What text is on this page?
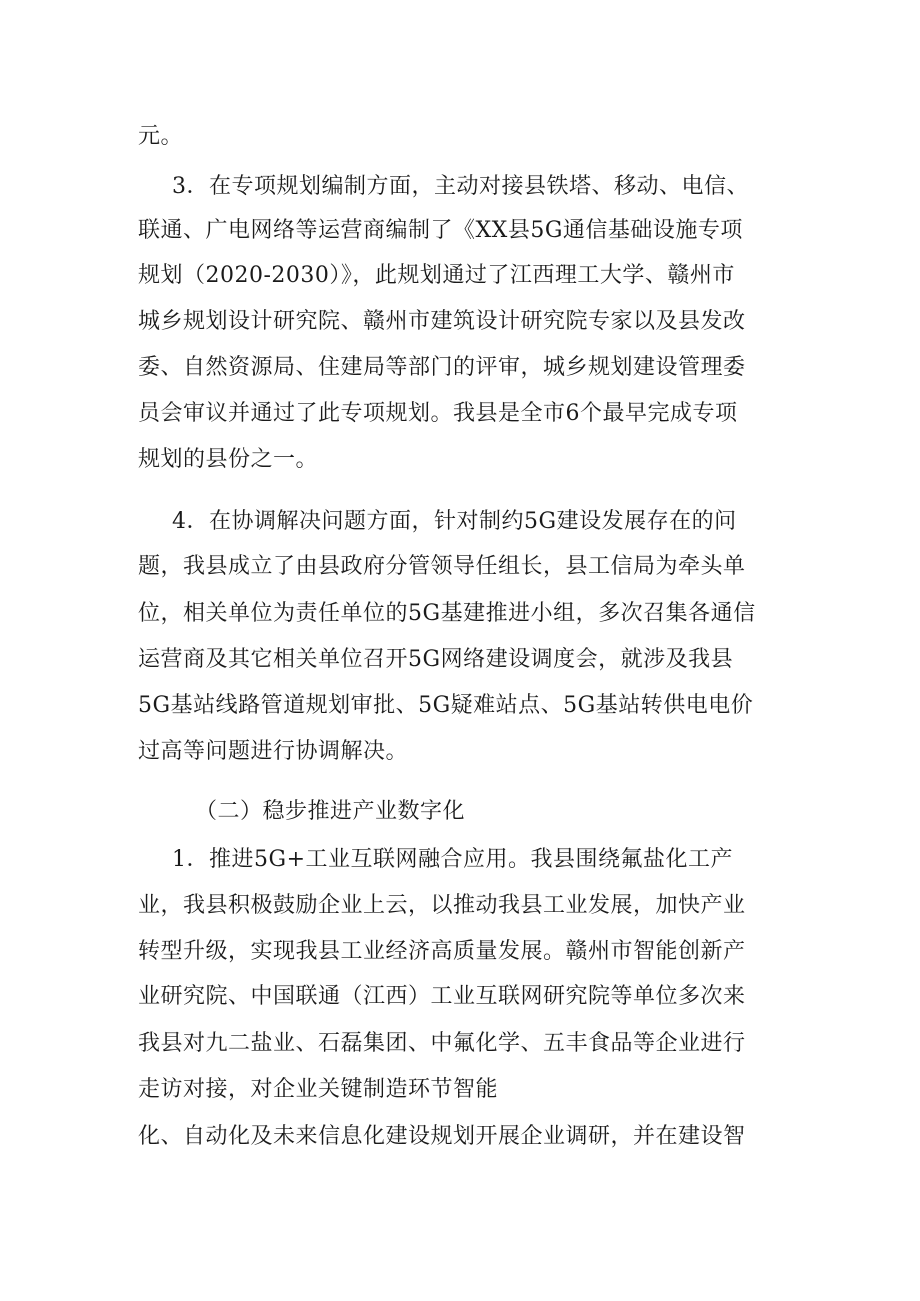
元。
3．在专项规划编制方面，主动对接县铁塔、移动、电信、
联通、广电网络等运营商编制了《XX县5G通信基础设施专项
规划（2020-2030）》，此规划通过了江西理工大学、赣州市
城乡规划设计研究院、赣州市建筑设计研究院专家以及县发改
委、自然资源局、住建局等部门的评审，城乡规划建设管理委
员会审议并通过了此专项规划。我县是全市6个最早完成专项
规划的县份之一。
4．在协调解决问题方面，针对制约5G建设发展存在的问
题，我县成立了由县政府分管领导任组长，县工信局为牵头单
位，相关单位为责任单位的5G基建推进小组，多次召集各通信
运营商及其它相关单位召开5G网络建设调度会，就涉及我县
5G基站线路管道规划审批、5G疑难站点、5G基站转供电电价
过高等问题进行协调解决。
（二）稳步推进产业数字化
1．推进5G+工业互联网融合应用。我县围绕氟盐化工产
业，我县积极鼓励企业上云，以推动我县工业发展，加快产业
转型升级，实现我县工业经济高质量发展。赣州市智能创新产
业研究院、中国联通（江西）工业互联网研究院等单位多次来
我县对九二盐业、石磊集团、中氟化学、五丰食品等企业进行
走访对接，对企业关键制造环节智能
化、自动化及未来信息化建设规划开展企业调研，并在建设智
